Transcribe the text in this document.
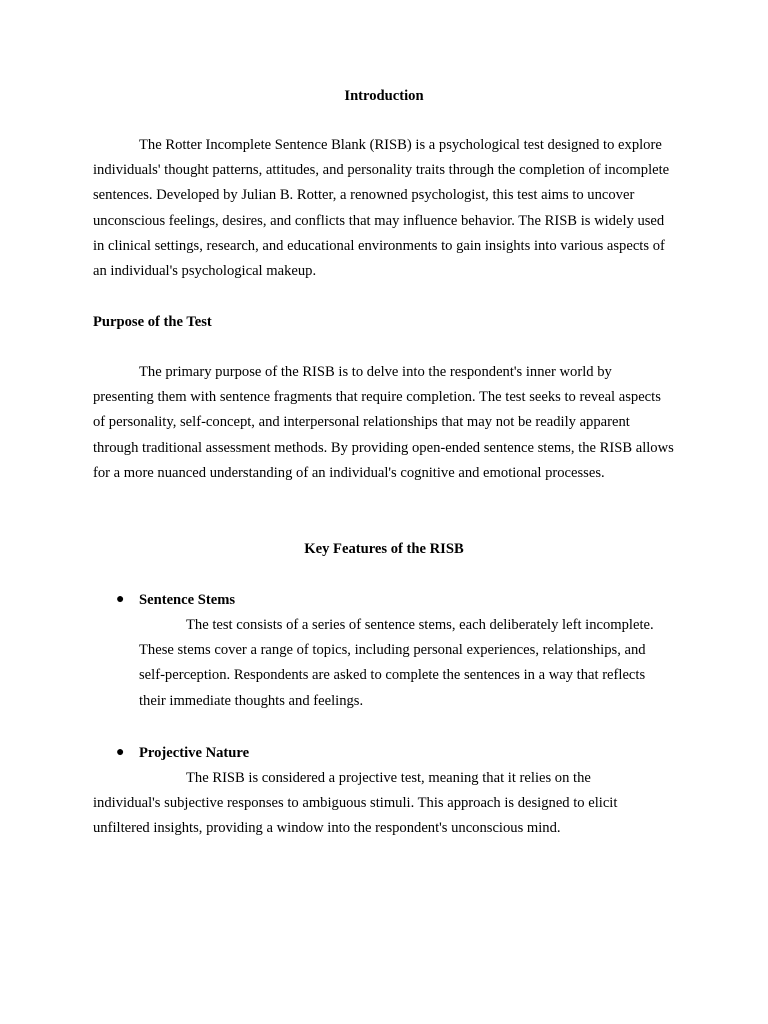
Introduction

The Rotter Incomplete Sentence Blank (RISB) is a psychological test designed to explore individuals' thought patterns, attitudes, and personality traits through the completion of incomplete sentences. Developed by Julian B. Rotter, a renowned psychologist, this test aims to uncover unconscious feelings, desires, and conflicts that may influence behavior. The RISB is widely used in clinical settings, research, and educational environments to gain insights into various aspects of an individual's psychological makeup.

Purpose of the Test

The primary purpose of the RISB is to delve into the respondent's inner world by presenting them with sentence fragments that require completion. The test seeks to reveal aspects of personality, self-concept, and interpersonal relationships that may not be readily apparent through traditional assessment methods. By providing open-ended sentence stems, the RISB allows for a more nuanced understanding of an individual's cognitive and emotional processes.

Key Features of the RISB
● Sentence Stems

The test consists of a series of sentence stems, each deliberately left incomplete. These stems cover a range of topics, including personal experiences, relationships, and self-perception. Respondents are asked to complete the sentences in a way that reflects their immediate thoughts and feelings.

● Projective Nature

The RISB is considered a projective test, meaning that it relies on the individual's subjective responses to ambiguous stimuli. This approach is designed to elicit unfiltered insights, providing a window into the respondent's unconscious mind.
